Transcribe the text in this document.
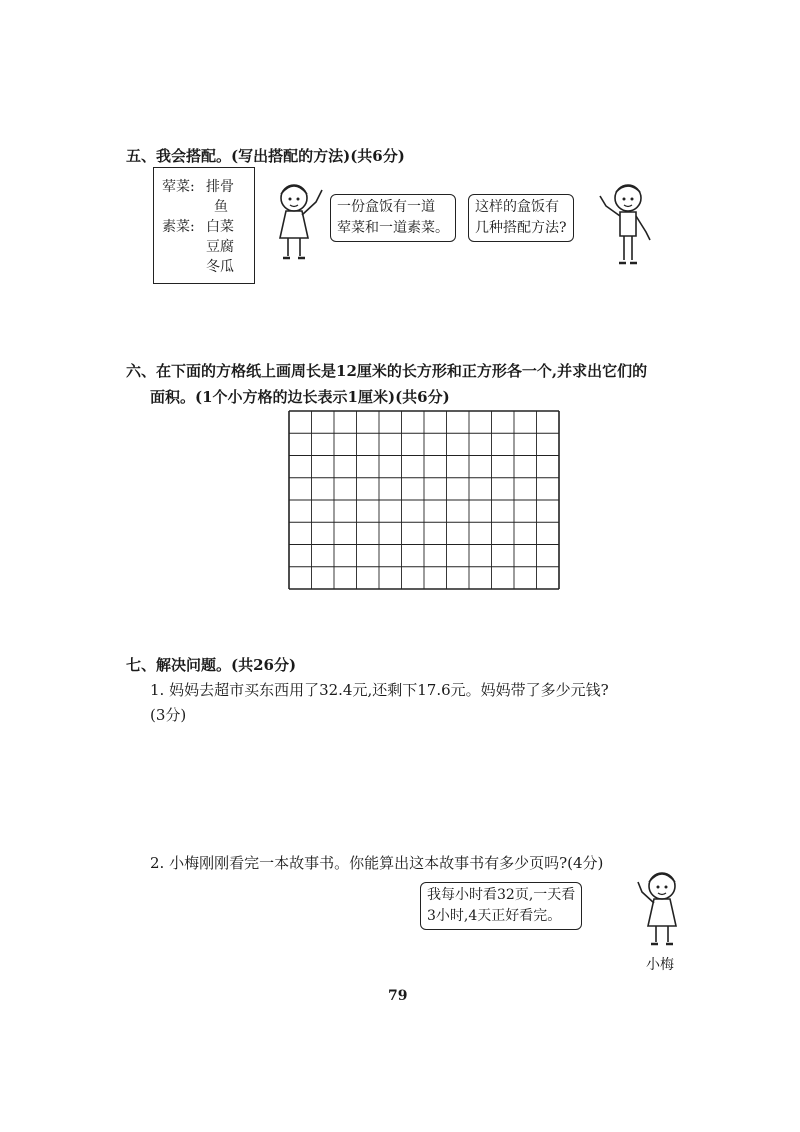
五、我会搭配。(写出搭配的方法)(共6分)
荤菜: 排骨
鱼
素菜: 白菜
豆腐
冬瓜
一份盒饭有一道
荤菜和一道素菜。
这样的盒饭有
几种搭配方法?
六、在下面的方格纸上画周长是12厘米的长方形和正方形各一个,并求出它们的
面积。(1个小方格的边长表示1厘米)(共6分)
七、解决问题。(共26分)
1. 妈妈去超市买东西用了32.4元,还剩下17.6元。妈妈带了多少元钱?
(3分)
2. 小梅刚刚看完一本故事书。你能算出这本故事书有多少页吗?(4分)
我每小时看32页,一天看
3小时,4天正好看完。
小梅
79
